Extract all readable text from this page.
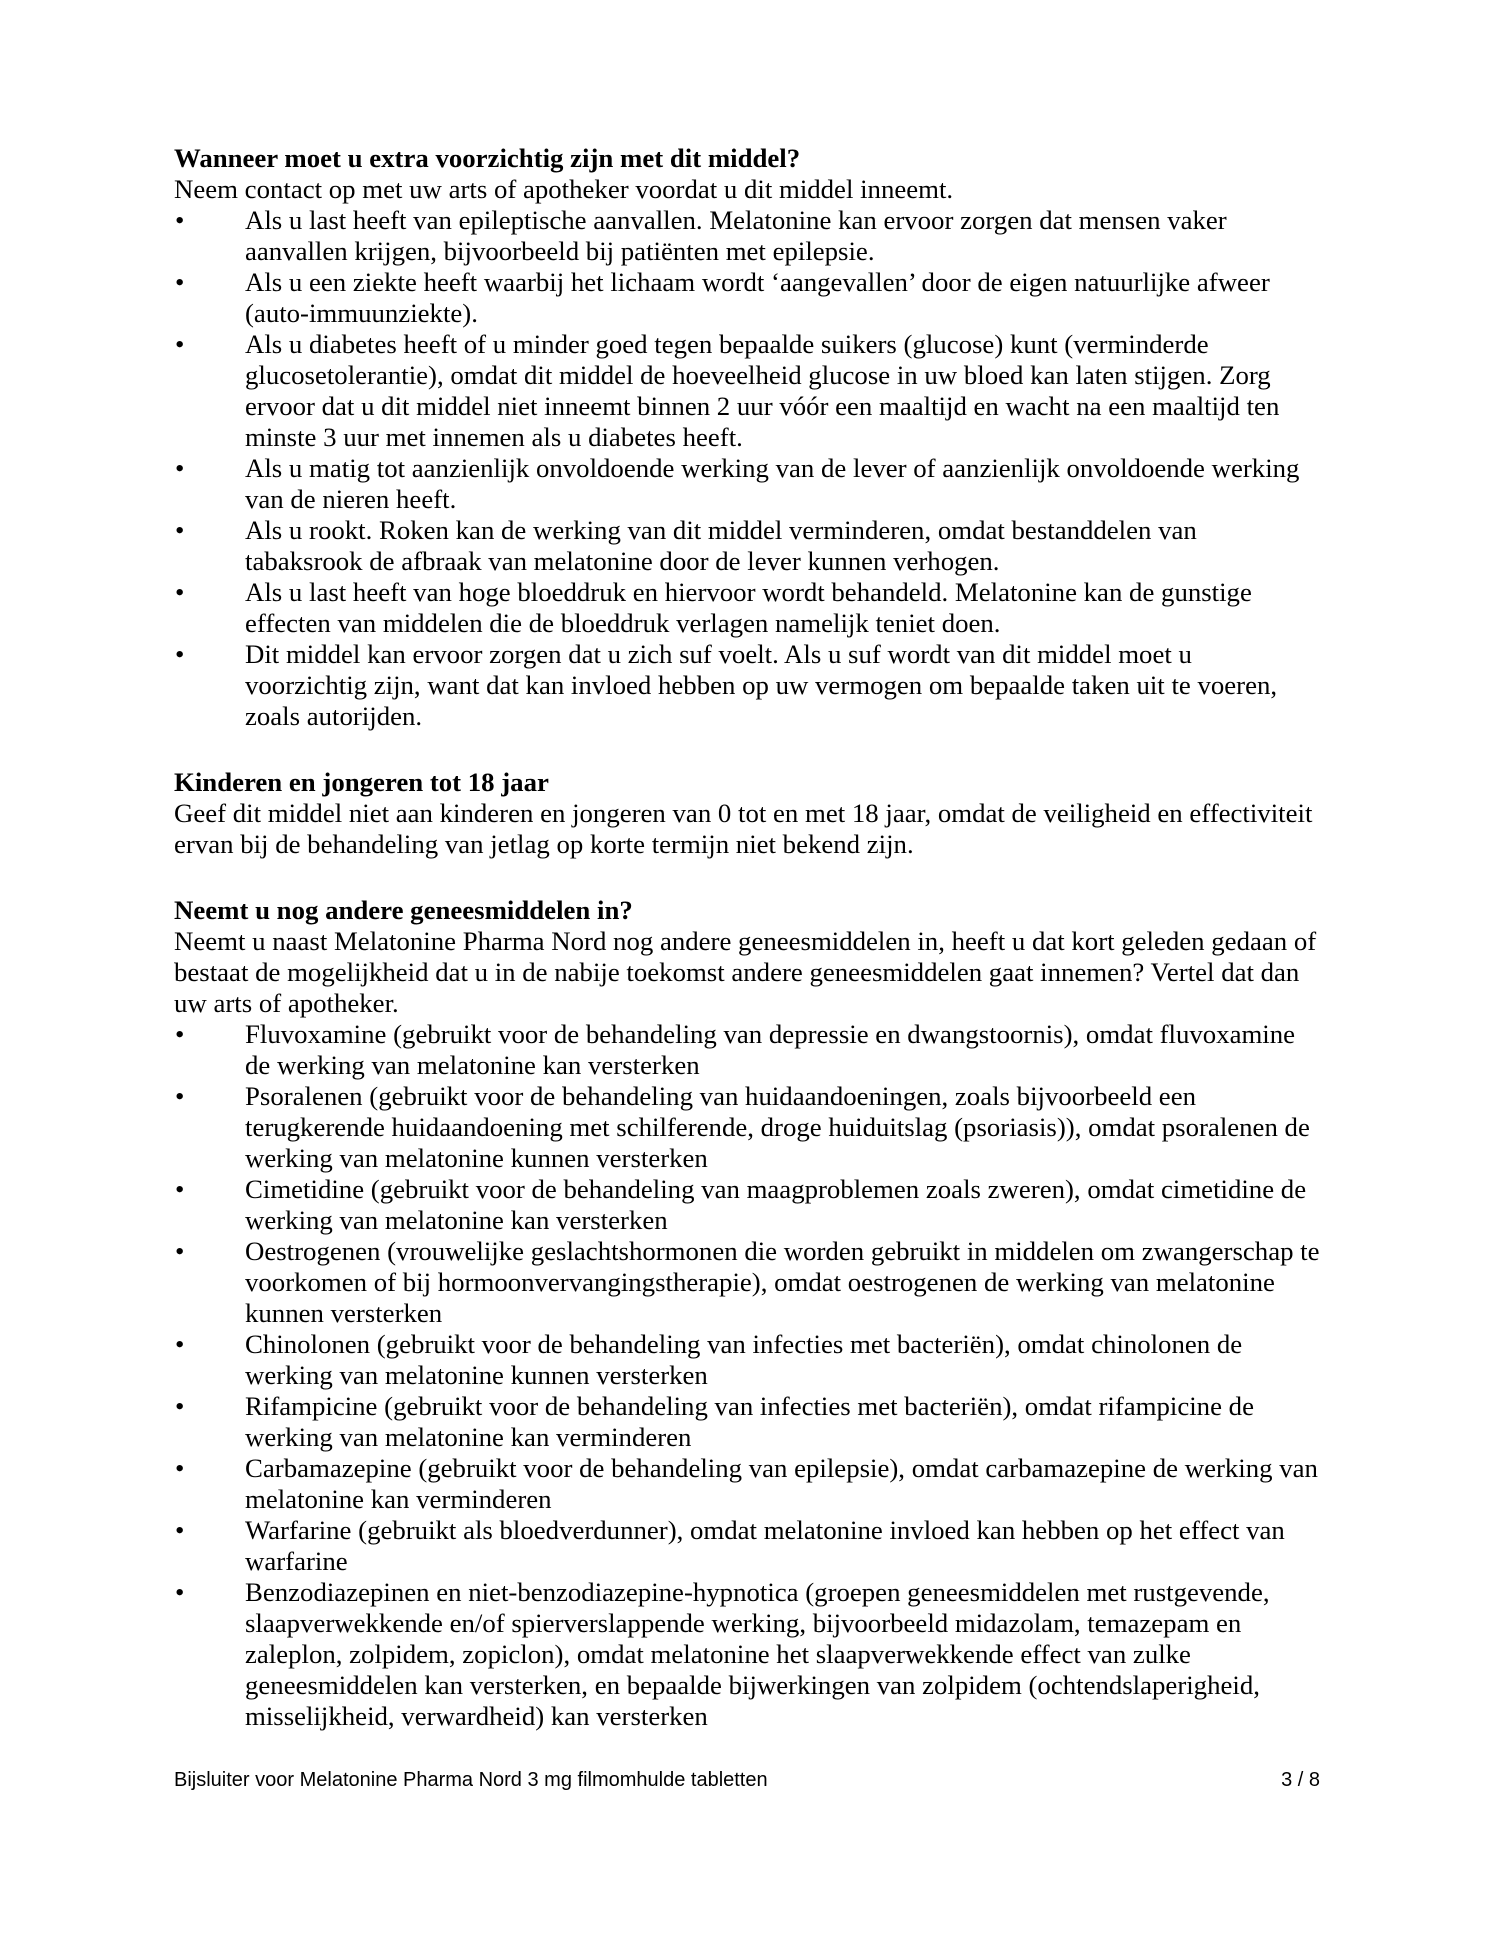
Wanneer moet u extra voorzichtig zijn met dit middel?

Neem contact op met uw arts of apotheker voordat u dit middel inneemt.

• Als u last heeft van epileptische aanvallen. Melatonine kan ervoor zorgen dat mensen vaker aanvallen krijgen, bijvoorbeeld bij patiënten met epilepsie.
• Als u een ziekte heeft waarbij het lichaam wordt ‘aangevallen’ door de eigen natuurlijke afweer (auto-immuunziekte).
• Als u diabetes heeft of u minder goed tegen bepaalde suikers (glucose) kunt (verminderde glucosetolerantie), omdat dit middel de hoeveelheid glucose in uw bloed kan laten stijgen. Zorg ervoor dat u dit middel niet inneemt binnen 2 uur vóór een maaltijd en wacht na een maaltijd ten minste 3 uur met innemen als u diabetes heeft.
• Als u matig tot aanzienlijk onvoldoende werking van de lever of aanzienlijk onvoldoende werking van de nieren heeft.
• Als u rookt. Roken kan de werking van dit middel verminderen, omdat bestanddelen van tabaksrook de afbraak van melatonine door de lever kunnen verhogen.
• Als u last heeft van hoge bloeddruk en hiervoor wordt behandeld. Melatonine kan de gunstige effecten van middelen die de bloeddruk verlagen namelijk teniet doen.
• Dit middel kan ervoor zorgen dat u zich suf voelt. Als u suf wordt van dit middel moet u voorzichtig zijn, want dat kan invloed hebben op uw vermogen om bepaalde taken uit te voeren, zoals autorijden.
Kinderen en jongeren tot 18 jaar

Geef dit middel niet aan kinderen en jongeren van 0 tot en met 18 jaar, omdat de veiligheid en effectiviteit ervan bij de behandeling van jetlag op korte termijn niet bekend zijn.

Neemt u nog andere geneesmiddelen in?

Neemt u naast Melatonine Pharma Nord nog andere geneesmiddelen in, heeft u dat kort geleden gedaan of bestaat de mogelijkheid dat u in de nabije toekomst andere geneesmiddelen gaat innemen? Vertel dat dan uw arts of apotheker.

• Fluvoxamine (gebruikt voor de behandeling van depressie en dwangstoornis), omdat fluvoxamine de werking van melatonine kan versterken
• Psoralenen (gebruikt voor de behandeling van huidaandoeningen, zoals bijvoorbeeld een terugkerende huidaandoening met schilferende, droge huiduitslag (psoriasis)), omdat psoralenen de werking van melatonine kunnen versterken
• Cimetidine (gebruikt voor de behandeling van maagproblemen zoals zweren), omdat cimetidine de werking van melatonine kan versterken
• Oestrogenen (vrouwelijke geslachtshormonen die worden gebruikt in middelen om zwangerschap te voorkomen of bij hormoonvervangingstherapie), omdat oestrogenen de werking van melatonine kunnen versterken
• Chinolonen (gebruikt voor de behandeling van infecties met bacteriën), omdat chinolonen de werking van melatonine kunnen versterken
• Rifampicine (gebruikt voor de behandeling van infecties met bacteriën), omdat rifampicine de werking van melatonine kan verminderen
• Carbamazepine (gebruikt voor de behandeling van epilepsie), omdat carbamazepine de werking van melatonine kan verminderen
• Warfarine (gebruikt als bloedverdunner), omdat melatonine invloed kan hebben op het effect van warfarine
• Benzodiazepinen en niet-benzodiazepine-hypnotica (groepen geneesmiddelen met rustgevende, slaapverwekkende en/of spierverslappende werking, bijvoorbeeld midazolam, temazepam en zaleplon, zolpidem, zopiclon), omdat melatonine het slaapverwekkende effect van zulke geneesmiddelen kan versterken, en bepaalde bijwerkingen van zolpidem (ochtendslaperigheid, misselijkheid, verwardheid) kan versterken
Bijsluiter voor Melatonine Pharma Nord 3 mg filmomhulde tabletten	3 / 8
